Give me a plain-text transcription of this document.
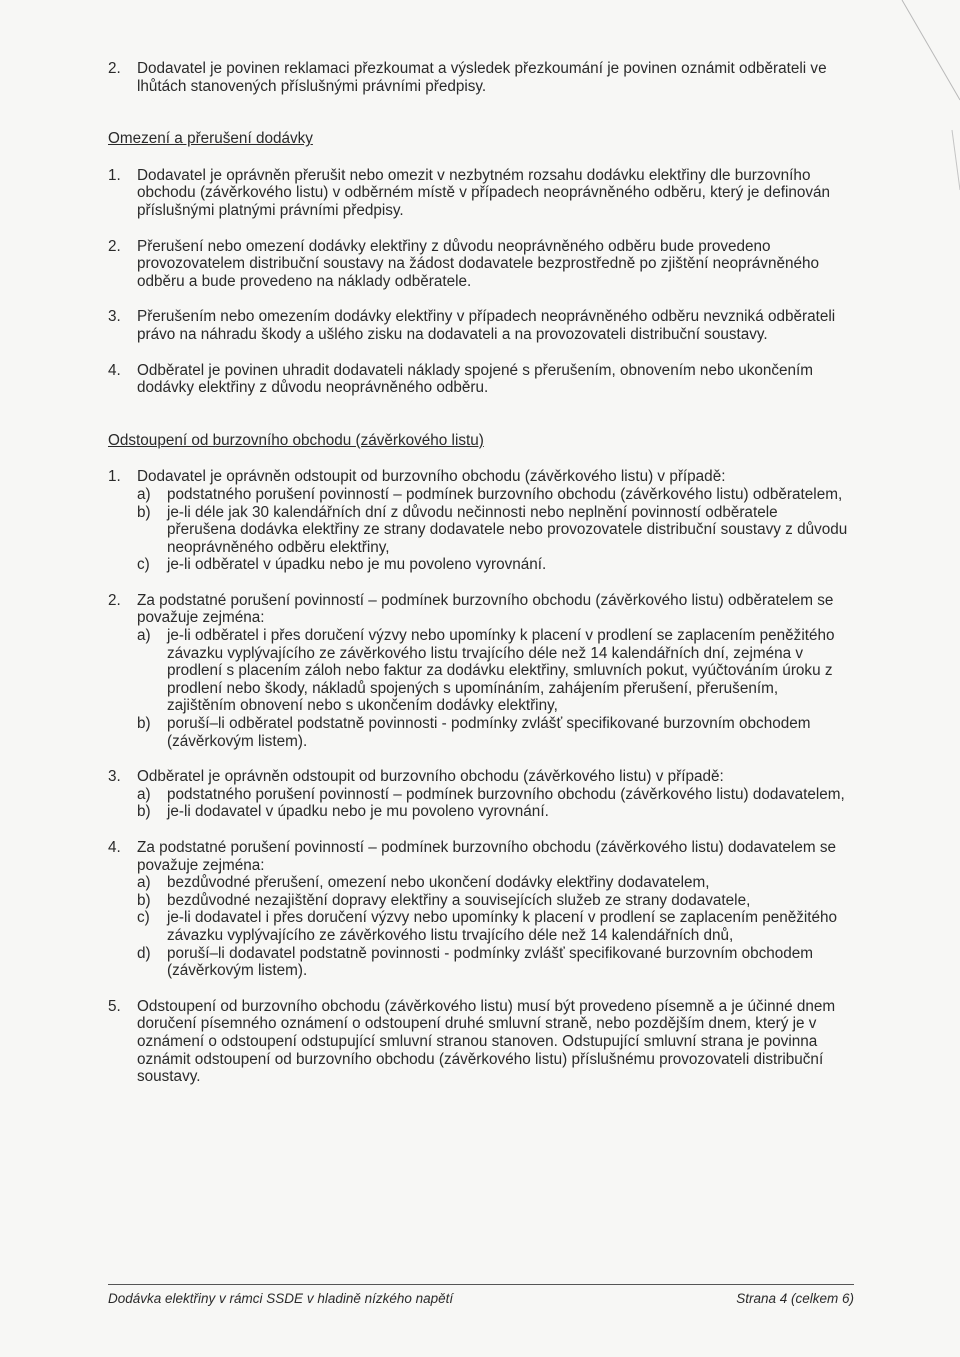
2. Dodavatel je povinen reklamaci přezkoumat a výsledek přezkoumání je povinen oznámit odběrateli ve lhůtách stanovených příslušnými právními předpisy.
Omezení a přerušení dodávky
1. Dodavatel je oprávněn přerušit nebo omezit v nezbytném rozsahu dodávku elektřiny dle burzovního obchodu (závěrkového listu) v odběrném místě v případech neoprávněného odběru, který je definován příslušnými platnými právními předpisy.
2. Přerušení nebo omezení dodávky elektřiny z důvodu neoprávněného odběru bude provedeno provozovatelem distribuční soustavy na žádost dodavatele bezprostředně po zjištění neoprávněného odběru a bude provedeno na náklady odběratele.
3. Přerušením nebo omezením dodávky elektřiny v případech neoprávněného odběru nevzniká odběrateli právo na náhradu škody a ušlého zisku na dodavateli a na provozovateli distribuční soustavy.
4. Odběratel je povinen uhradit dodavateli náklady spojené s přerušením, obnovením nebo ukončením dodávky elektřiny z důvodu neoprávněného odběru.
Odstoupení od burzovního obchodu (závěrkového listu)
1. Dodavatel je oprávněn odstoupit od burzovního obchodu (závěrkového listu) v případě:
a) podstatného porušení povinností – podmínek burzovního obchodu (závěrkového listu) odběratelem,
b) je-li déle jak 30 kalendářních dní z důvodu nečinnosti nebo neplnění povinností odběratele přerušena dodávka elektřiny ze strany dodavatele nebo provozovatele distribuční soustavy z důvodu neoprávněného odběru elektřiny,
c) je-li odběratel v úpadku nebo je mu povoleno vyrovnání.
2. Za podstatné porušení povinností – podmínek burzovního obchodu (závěrkového listu) odběratelem se považuje zejména:
a) je-li odběratel i přes doručení výzvy nebo upomínky k placení v prodlení se zaplacením peněžitého závazku vyplývajícího ze závěrkového listu trvajícího déle než 14 kalendářních dní, zejména v prodlení s placením záloh nebo faktur za dodávku elektřiny, smluvních pokut, vyúčtováním úroku z prodlení nebo škody, nákladů spojených s upomínáním, zahájením přerušení, přerušením, zajištěním obnovení nebo s ukončením dodávky elektřiny,
b) poruší–li odběratel podstatně povinnosti - podmínky zvlášť specifikované burzovním obchodem (závěrkovým listem).
3. Odběratel je oprávněn odstoupit od burzovního obchodu (závěrkového listu) v případě:
a) podstatného porušení povinností – podmínek burzovního obchodu (závěrkového listu) dodavatelem,
b) je-li dodavatel v úpadku nebo je mu povoleno vyrovnání.
4. Za podstatné porušení povinností – podmínek burzovního obchodu (závěrkového listu) dodavatelem se považuje zejména:
a) bezdůvodné přerušení, omezení nebo ukončení dodávky elektřiny dodavatelem,
b) bezdůvodné nezajištění dopravy elektřiny a souvisejících služeb ze strany dodavatele,
c) je-li dodavatel i přes doručení výzvy nebo upomínky k placení v prodlení se zaplacením peněžitého závazku vyplývajícího ze závěrkového listu trvajícího déle než 14 kalendářních dnů,
d) poruší–li dodavatel podstatně povinnosti - podmínky zvlášť specifikované burzovním obchodem (závěrkovým listem).
5. Odstoupení od burzovního obchodu (závěrkového listu) musí být provedeno písemně a je účinné dnem doručení písemného oznámení o odstoupení druhé smluvní straně, nebo pozdějším dnem, který je v oznámení o odstoupení odstupující smluvní stranou stanoven. Odstupující smluvní strana je povinna oznámit odstoupení od burzovního obchodu (závěrkového listu) příslušnému provozovateli distribuční soustavy.
Dodávka elektřiny v rámci SSDE v hladině nízkého napětí	Strana 4 (celkem 6)
